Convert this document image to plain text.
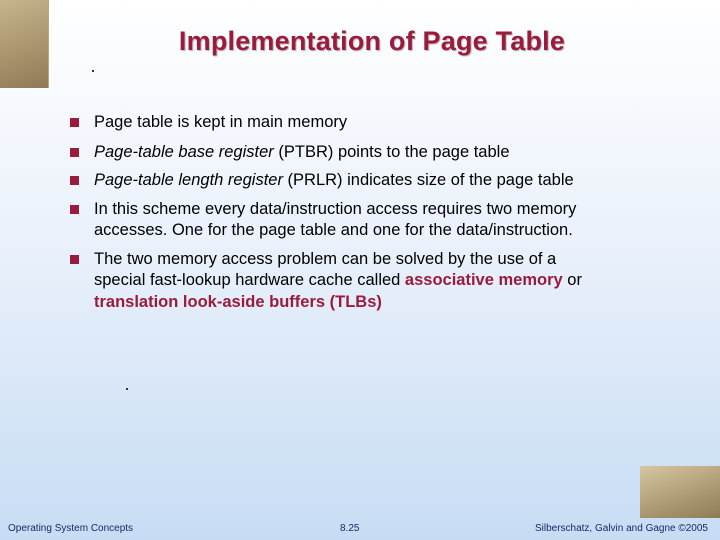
Implementation of Page Table
Page table is kept in main memory
Page-table base register (PTBR) points to the page table
Page-table length register (PRLR) indicates size of the page table
In this scheme every data/instruction access requires two memory accesses. One for the page table and one for the data/instruction.
The two memory access problem can be solved by the use of a special fast-lookup hardware cache called associative memory or translation look-aside buffers (TLBs)
Operating System Concepts	8.25	Silberschatz, Galvin and Gagne ©2005
